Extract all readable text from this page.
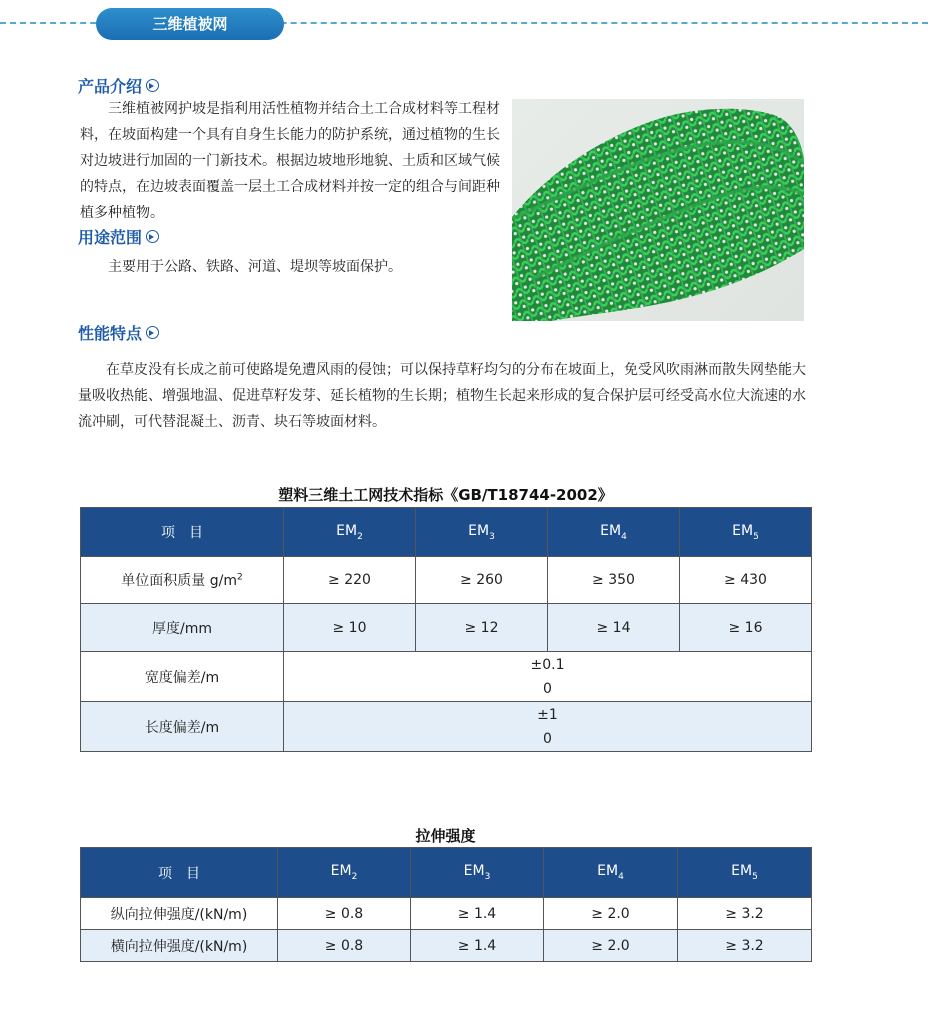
三维植被网
产品介绍
三维植被网护坡是指利用活性植物并结合土工合成材料等工程材料，在坡面构建一个具有自身生长能力的防护系统，通过植物的生长对边坡进行加固的一门新技术。根据边坡地形地貌、土质和区域气候的特点，在边坡表面覆盖一层土工合成材料并按一定的组合与间距种植多种植物。
用途范围
主要用于公路、铁路、河道、堤坝等坡面保护。
性能特点
在草皮没有长成之前可使路堤免遭风雨的侵蚀；可以保持草籽均匀的分布在坡面上，免受风吹雨淋而散失网垫能大量吸收热能、增强地温、促进草籽发芽、延长植物的生长期；植物生长起来形成的复合保护层可经受高水位大流速的水流冲刷，可代替混凝土、沥青、块石等坡面材料。
塑料三维土工网技术指标《GB/T18744-2002》
项　目	$EM_2$	$EM_3$	$EM_4$	$EM_5$
单位面积质量 $g/m^2$	≥ 220	≥ 260	≥ 350	≥ 430
厚度/mm	≥ 10	≥ 12	≥ 14	≥ 16
宽度偏差/m	±0.1
0			

长度偏差/m	±1
0			
拉伸强度
项　目	$EM_2$	$EM_3$	$EM_4$	$EM_5$
纵向拉伸强度/(kN/m)	≥ 0.8	≥ 1.4	≥ 2.0	≥ 3.2
横向拉伸强度/(kN/m)	≥ 0.8	≥ 1.4	≥ 2.0	≥ 3.2
